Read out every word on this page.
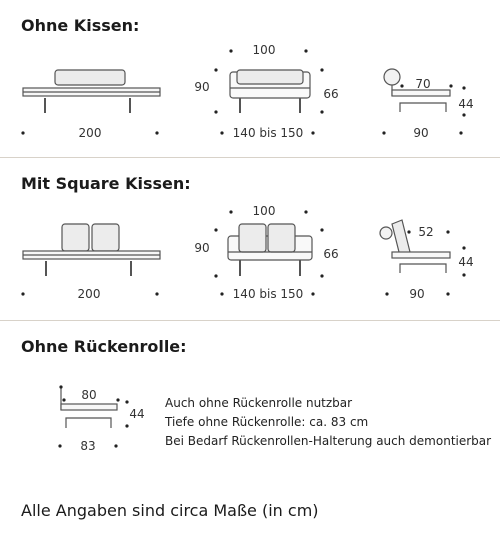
Ohne Kissen:
200
100
90	66
140 bis 150
70
44
90
Mit Square Kissen:
200
100
90	66
140 bis 150
52
44
90
Ohne Rückenrolle:
80
44
83
Auch ohne Rückenrolle nutzbar
Tiefe ohne Rückenrolle: ca. 83 cm
Bei Bedarf Rückenrollen-Halterung auch demontierbar

Alle Angaben sind circa Maße (in cm)
